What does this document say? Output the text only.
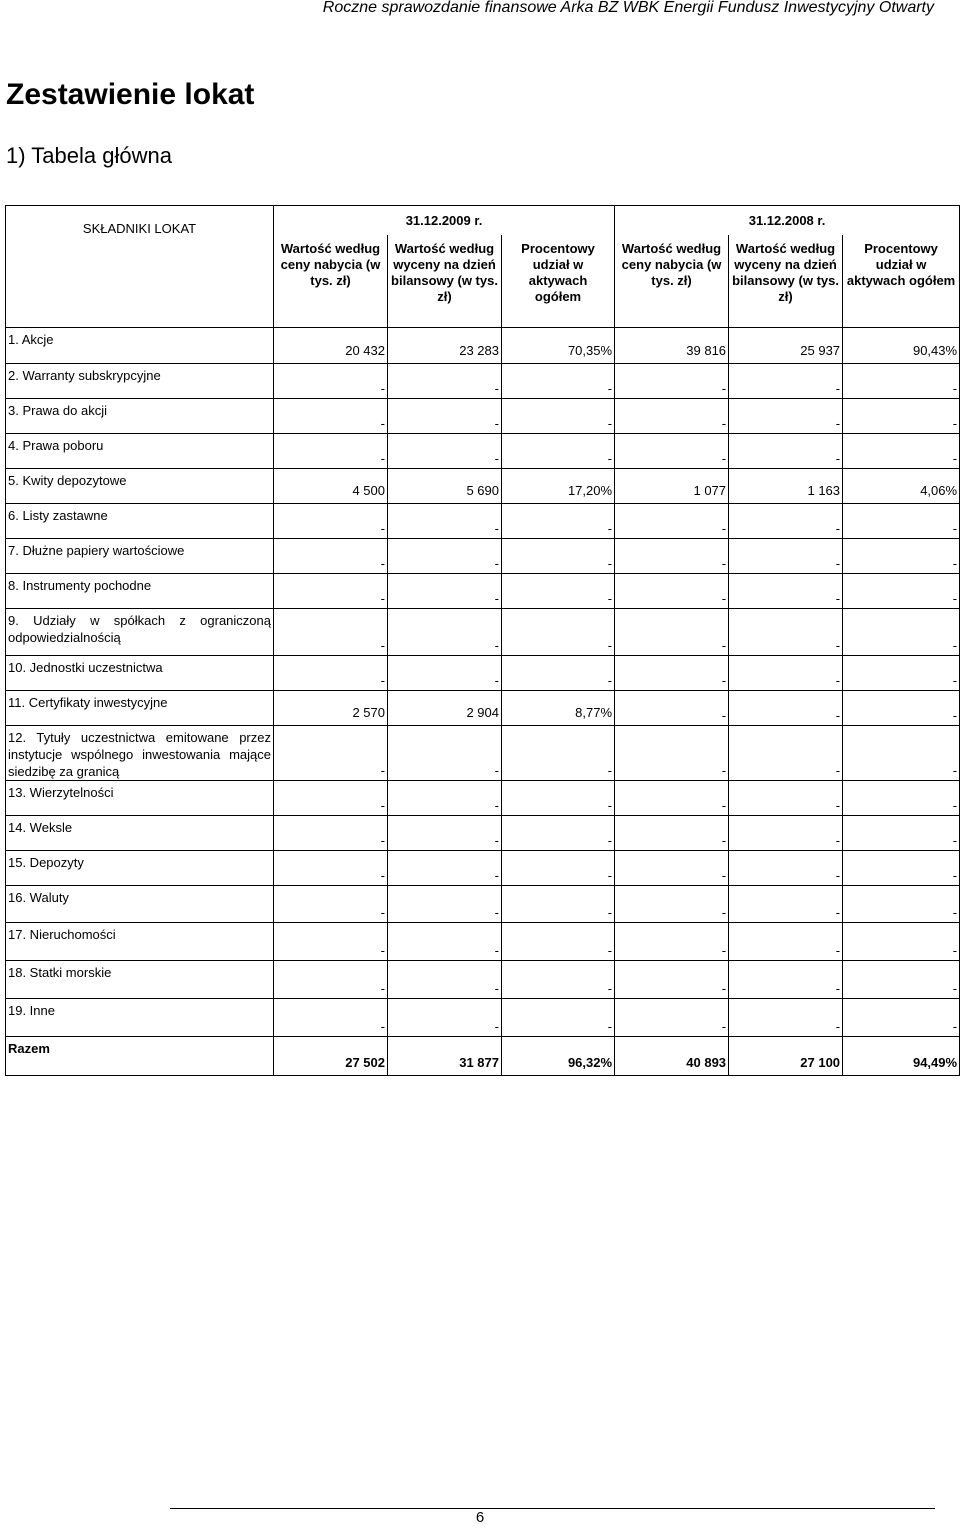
Roczne sprawozdanie finansowe Arka BZ WBK Energii Fundusz Inwestycyjny Otwarty
Zestawienie lokat
1) Tabela główna
SKŁADNIKI LOKAT	31.12.2009 r.			31.12.2008 r.		
	Wartość według ceny nabycia (w tys. zł)	Wartość według wyceny na dzień bilansowy (w tys. zł)	Procentowy udział w aktywach ogółem	Wartość według ceny nabycia (w tys. zł)	Wartość według wyceny na dzień bilansowy (w tys. zł)	Procentowy udział w aktywach ogółem
1. Akcje	20 432	23 283	70,35%	39 816	25 937	90,43%
2. Warranty subskrypcyjne	-	-	-	-	-	-
3. Prawa do akcji	-	-	-	-	-	-
4. Prawa poboru	-	-	-	-	-	-
5. Kwity depozytowe	4 500	5 690	17,20%	1 077	1 163	4,06%
6. Listy zastawne	-	-	-	-	-	-
7. Dłużne papiery wartościowe	-	-	-	-	-	-
8. Instrumenty pochodne	-	-	-	-	-	-
9. Udziały w spółkach z ograniczoną odpowiedzialnością	-	-	-	-	-	-
10. Jednostki uczestnictwa	-	-	-	-	-	-
11. Certyfikaty inwestycyjne	2 570	2 904	8,77%	-	-	-
12. Tytuły uczestnictwa emitowane przez instytucje wspólnego inwestowania mające siedzibę za granicą	-	-	-	-	-	-
13. Wierzytelności	-	-	-	-	-	-
14. Weksle	-	-	-	-	-	-
15. Depozyty	-	-	-	-	-	-
16. Waluty	-	-	-	-	-	-
17. Nieruchomości	-	-	-	-	-	-
18. Statki morskie	-	-	-	-	-	-
19. Inne	-	-	-	-	-	-
Razem	27 502	31 877	96,32%	40 893	27 100	94,49%
6
